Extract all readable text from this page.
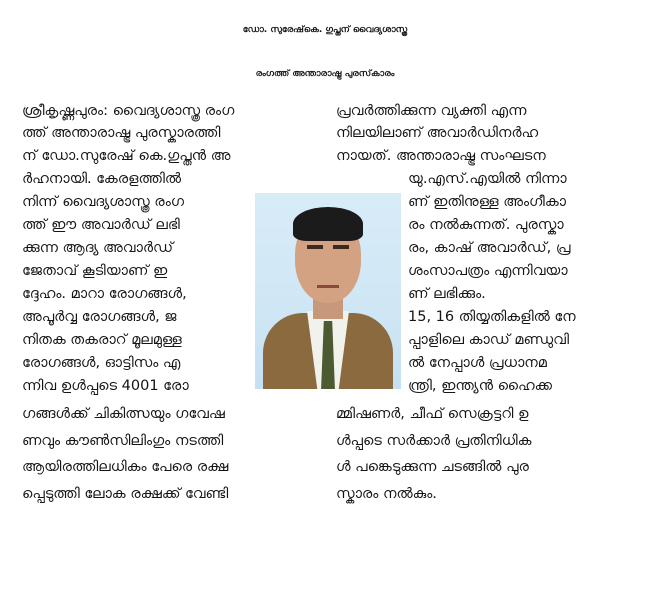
ഡോ. സുരേഷ്‌കെ. ഗുപ്തന് വൈദ്യശാസ്ത്ര
രംഗത്ത് അന്താരാഷ്ട്ര പുരസ്‌കാരം
ശ്രീകൃഷ്ണപുരം: വൈദ്യശാസ്ത്ര രംഗ
ത്ത് അന്താരാഷ്ട്ര പുരസ്കാരത്തി
ന് ഡോ.സുരേഷ് കെ.ഗുപ്തൻ അ
ർഹനായി. കേരളത്തിൽ
നിന്ന് വൈദ്യശാസ്ത്ര രംഗ
ത്ത് ഈ അവാർഡ് ലഭി
ക്കുന്ന ആദ്യ അവാർഡ്
ജേതാവ് കൂടിയാണ് ഇ
ദ്ദേഹം. മാറാ രോഗങ്ങൾ,
അപൂർവ്വ രോഗങ്ങൾ, ജ
നിതക തകരാറ് മൂലമുള്ള
രോഗങ്ങൾ, ഓട്ടിസം എ
ന്നിവ ഉൾപ്പടെ 4001 രോ
ഗങ്ങൾക്ക് ചികിത്സയും ഗവേഷ
ണവും കൗൺസിലിംഗും നടത്തി
ആയിരത്തിലധികം പേരെ രക്ഷ
പ്പെടുത്തി ലോക രക്ഷക്ക് വേണ്ടി
പ്രവർത്തിക്കുന്ന വ്യക്തി എന്ന
നിലയിലാണ് അവാർഡിനർഹ
നായത്. അന്താരാഷ്ട്ര സംഘടന
യു.എസ്.എയിൽ നിന്നാ
ണ് ഇതിനുള്ള അംഗീകാ
രം നൽകുന്നത്. പുരസ്കാ
രം, കാഷ് അവാർഡ്, പ്ര
ശംസാപത്രം എന്നിവയാ
ണ് ലഭിക്കും.
15, 16 തിയ്യതികളിൽ നേ
പ്പാളിലെ കാഡ് മണ്ഡുവി
ൽ നേപ്പാൾ പ്രധാനമ
ന്ത്രി, ഇന്ത്യൻ ഹൈക്ക
മ്മിഷണർ, ചീഫ് സെക്രട്ടറി ഉ
ൾപ്പടെ സർക്കാർ പ്രതിനിധിക
ൾ പങ്കെടുക്കുന്ന ചടങ്ങിൽ പുര
സ്കാരം നൽകും.
